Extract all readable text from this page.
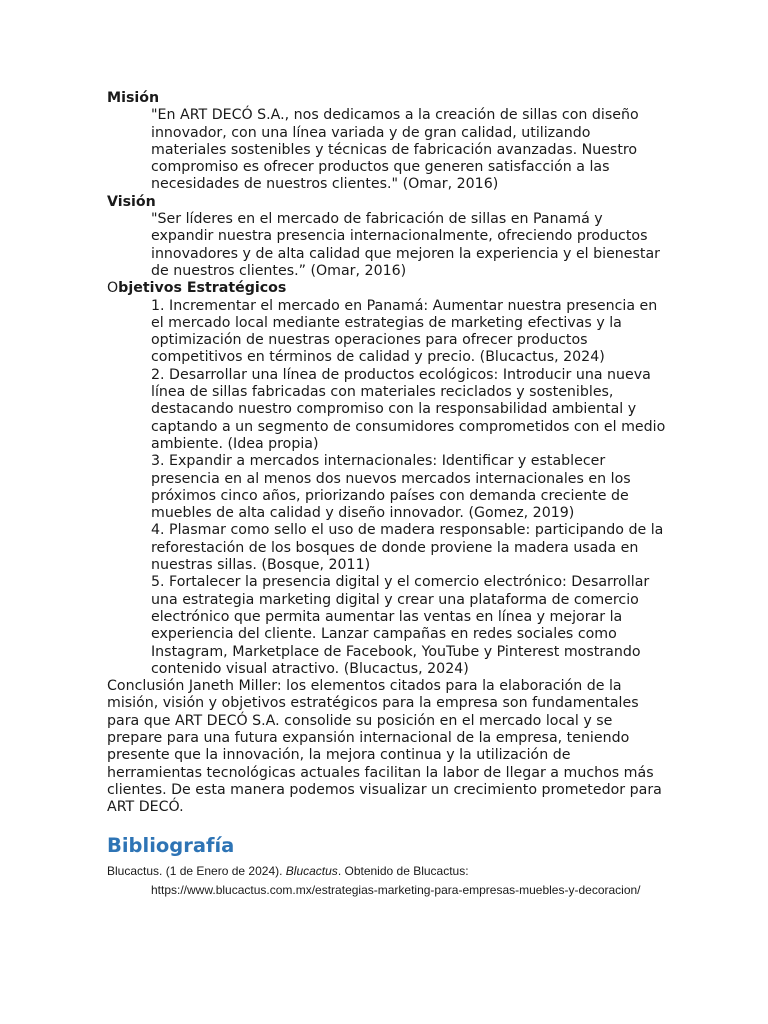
Misión

"En ART DECÓ S.A., nos dedicamos a la creación de sillas con diseño innovador, con una línea variada y de gran calidad, utilizando materiales sostenibles y técnicas de fabricación avanzadas. Nuestro compromiso es ofrecer productos que generen satisfacción a las necesidades de nuestros clientes." (Omar, 2016)

Visión

"Ser líderes en el mercado de fabricación de sillas en Panamá y expandir nuestra presencia internacionalmente, ofreciendo productos innovadores y de alta calidad que mejoren la experiencia y el bienestar de nuestros clientes.” (Omar, 2016)

Objetivos Estratégicos

1. Incrementar el mercado en Panamá: Aumentar nuestra presencia en el mercado local mediante estrategias de marketing efectivas y la optimización de nuestras operaciones para ofrecer productos competitivos en términos de calidad y precio. (Blucactus, 2024)

2. Desarrollar una línea de productos ecológicos: Introducir una nueva línea de sillas fabricadas con materiales reciclados y sostenibles, destacando nuestro compromiso con la responsabilidad ambiental y captando a un segmento de consumidores comprometidos con el medio ambiente. (Idea propia)

3. Expandir a mercados internacionales: Identificar y establecer presencia en al menos dos nuevos mercados internacionales en los próximos cinco años, priorizando países con demanda creciente de muebles de alta calidad y diseño innovador. (Gomez, 2019)

4. Plasmar como sello el uso de madera responsable: participando de la reforestación de los bosques de donde proviene la madera usada en nuestras sillas. (Bosque, 2011)

5. Fortalecer la presencia digital y el comercio electrónico: Desarrollar una estrategia marketing digital y crear una plataforma de comercio electrónico que permita aumentar las ventas en línea y mejorar la experiencia del cliente. Lanzar campañas en redes sociales como Instagram, Marketplace de Facebook, YouTube y Pinterest mostrando contenido visual atractivo. (Blucactus, 2024)

Conclusión Janeth Miller: los elementos citados para la elaboración de la misión, visión y objetivos estratégicos para la empresa son fundamentales para que ART DECÓ S.A. consolide su posición en el mercado local y se prepare para una futura expansión internacional de la empresa, teniendo presente que la innovación, la mejora continua y la utilización de herramientas tecnológicas actuales facilitan la labor de llegar a muchos más clientes. De esta manera podemos visualizar un crecimiento prometedor para ART DECÓ.

Bibliografía
Blucactus. (1 de Enero de 2024). Blucactus. Obtenido de Blucactus:
https://www.blucactus.com.mx/estrategias-marketing-para-empresas-muebles-y-decoracion/
